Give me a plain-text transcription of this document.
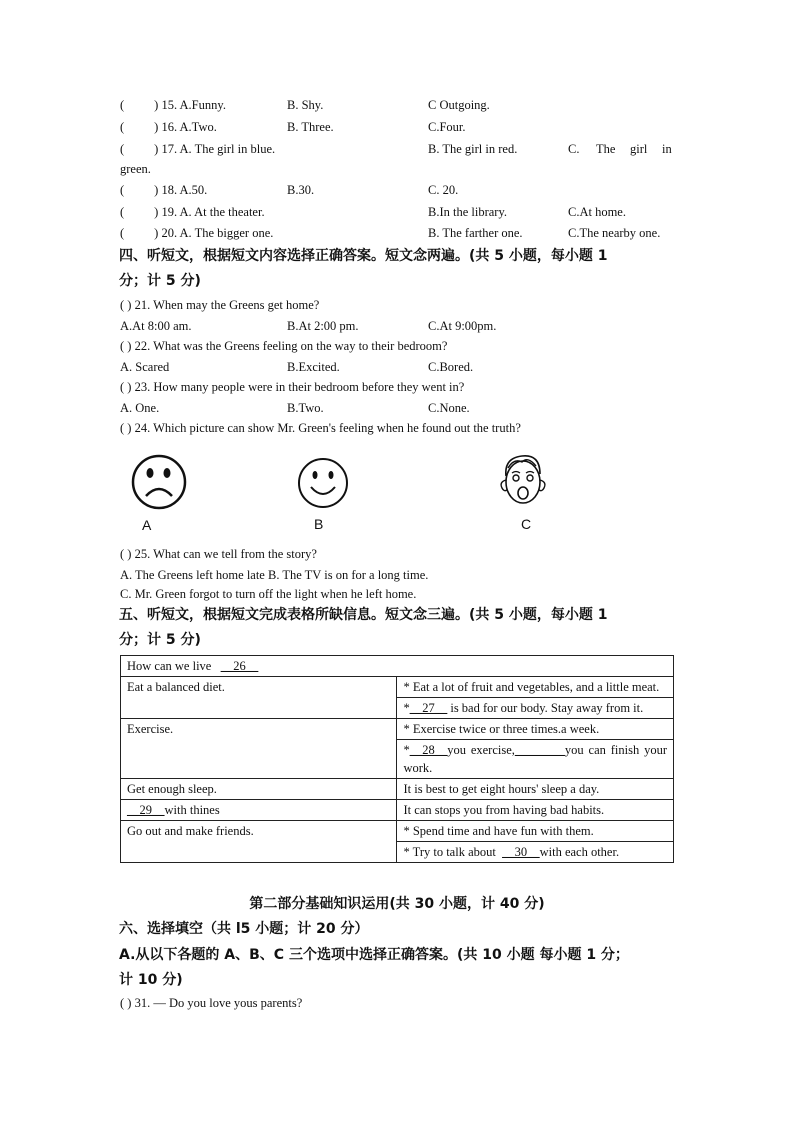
( ) 15. A.Funny.	B. Shy.	C Outgoing.
( ) 16. A.Two.	B. Three.	C.Four.
( ) 17. A. The girl in blue.	B. The girl in red.	C. The girl in
green.
( ) 18. A.50.	B.30.	C. 20.
( ) 19. A. At the theater.	B.In the library.	C.At home.
( ) 20. A. The bigger one.	B. The farther one.	C.The nearby one.
四、听短文，根据短文内容选择正确答案。短文念两遍。(共 5 小题，每小题 1
分；计 5 分)
( ) 21. When may the Greens get home?
A.At 8:00 am.	B.At 2:00 pm.	C.At 9:00pm.
( ) 22. What was the Greens feeling on the way to their bedroom?
A. Scared	B.Excited.	C.Bored.
( ) 23. How many people were in their bedroom before they went in?
A. One.	B.Two.	C.None.
( ) 24. Which picture can show Mr. Green's feeling when he found out the truth?
A	B	C
( ) 25. What can we tell from the story?
A. The Greens left home late B. The TV is on for a long time.
C. Mr. Green forgot to turn off the light when he left home.
五、听短文，根据短文完成表格所缺信息。短文念三遍。(共 5 小题，每小题 1
分；计 5 分)
How can we live __26__	
Eat a balanced diet.	* Eat a lot of fruit and vegetables, and a little meat.
	*__27__ is bad for our body. Stay away from it.
Exercise.	* Exercise twice or three times.a week.
	*__28__you exercise,________you can finish your work.
Get enough sleep.	It is best to get eight hours' sleep a day.
__29__with thines	It can stops you from having bad habits.
Go out and make friends.	* Spend time and have fun with them.
	* Try to talk about __30__with each other.
第二部分基础知识运用(共 30 小题，计 40 分)
六、选择填空（共 l5 小题；计 20 分）
A.从以下各题的 A、B、C 三个选项中选择正确答案。(共 10 小题 每小题 1 分；
计 10 分)
( ) 31. — Do you love yous parents?
